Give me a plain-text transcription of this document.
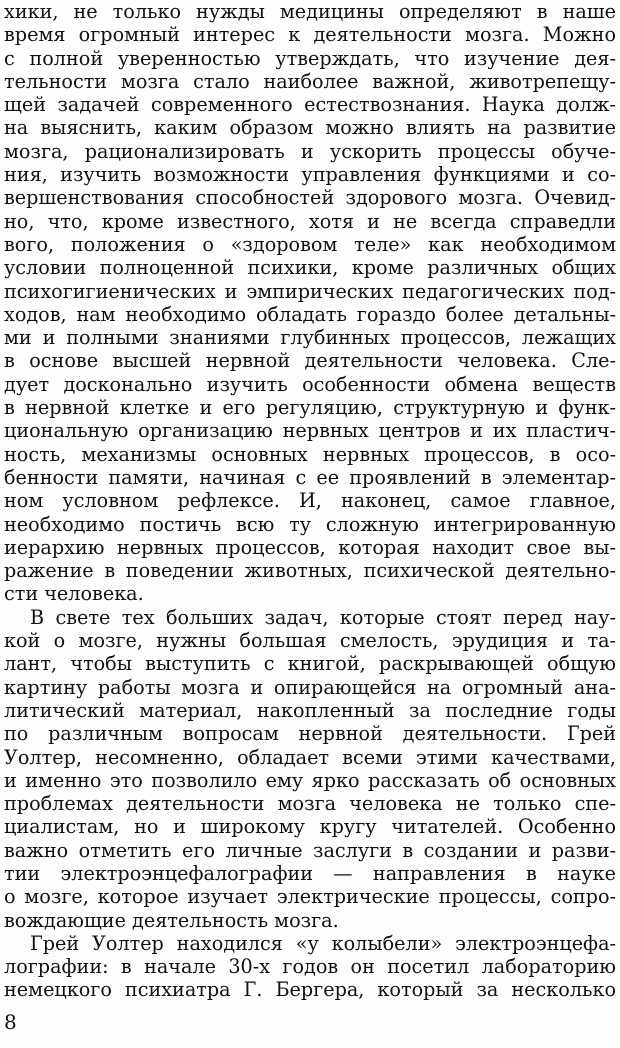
хики, не только нужды медицины определяют в наше
время огромный интерес к деятельности мозга. Можно
с полной уверенностью утверждать, что изучение дея-
тельности мозга стало наиболее важной, животрепещу-
щей задачей современного естествознания. Наука долж-
на выяснить, каким образом можно влиять на развитие
мозга, рационализировать и ускорить процессы обуче-
ния, изучить возможности управления функциями и со-
вершенствования способностей здорового мозга. Очевид-
но, что, кроме известного, хотя и не всегда справедли
вого, положения о «здоровом теле» как необходимом
условии полноценной психики, кроме различных общих
психогигиенических и эмпирических педагогических под-
ходов, нам необходимо обладать гораздо более детальны-
ми и полными знаниями глубинных процессов, лежащих
в основе высшей нервной деятельности человека. Сле-
дует досконально изучить особенности обмена веществ
в нервной клетке и его регуляцию, структурную и функ-
циональную организацию нервных центров и их пластич-
ность, механизмы основных нервных процессов, в осо-
бенности памяти, начиная с ее проявлений в элементар-
ном условном рефлексе. И, наконец, самое главное,
необходимо постичь всю ту сложную интегрированную
иерархию нервных процессов, которая находит свое вы-
ражение в поведении животных, психической деятельно-
сти человека.
В свете тех больших задач, которые стоят перед нау-
кой о мозге, нужны большая смелость, эрудиция и та-
лант, чтобы выступить с книгой, раскрывающей общую
картину работы мозга и опирающейся на огромный ана-
литический материал, накопленный за последние годы
по различным вопросам нервной деятельности. Грей
Уолтер, несомненно, обладает всеми этими качествами,
и именно это позволило ему ярко рассказать об основных
проблемах деятельности мозга человека не только спе-
циалистам, но и широкому кругу читателей. Особенно
важно отметить его личные заслуги в создании и разви-
тии электроэнцефалографии — направления в науке
о мозге, которое изучает электрические процессы, сопро-
вождающие деятельность мозга.
Грей Уолтер находился «у колыбели» электроэнцефа-
лографии: в начале 30-х годов он посетил лабораторию
немецкого психиатра Г. Бергера, который за несколько
8
